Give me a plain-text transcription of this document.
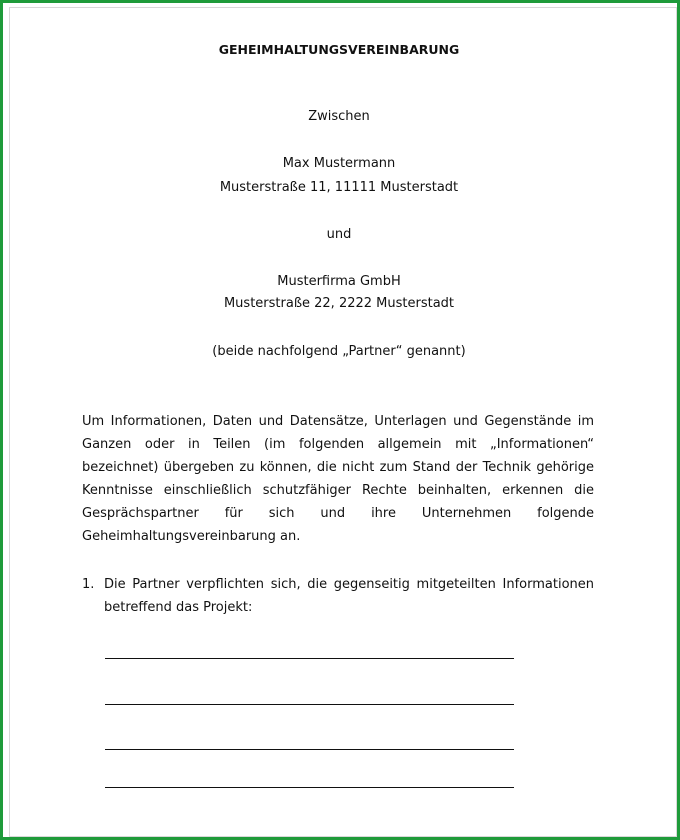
GEHEIMHALTUNGSVEREINBARUNG
Zwischen
Max Mustermann
Musterstraße 11, 11111 Musterstadt
und
Musterfirma GmbH
Musterstraße 22, 2222 Musterstadt
(beide nachfolgend „Partner“ genannt)
Um Informationen, Daten und Datensätze, Unterlagen und Gegenstände im Ganzen oder in Teilen (im folgenden allgemein mit „Informationen“ bezeichnet) übergeben zu können, die nicht zum Stand der Technik gehörige Kenntnisse einschließlich schutzfähiger Rechte beinhalten, erkennen die Gesprächspartner für sich und ihre Unternehmen folgende Geheimhaltungsvereinbarung an.
1. Die Partner verpflichten sich, die gegenseitig mitgeteilten Informationen betreffend das Projekt:
